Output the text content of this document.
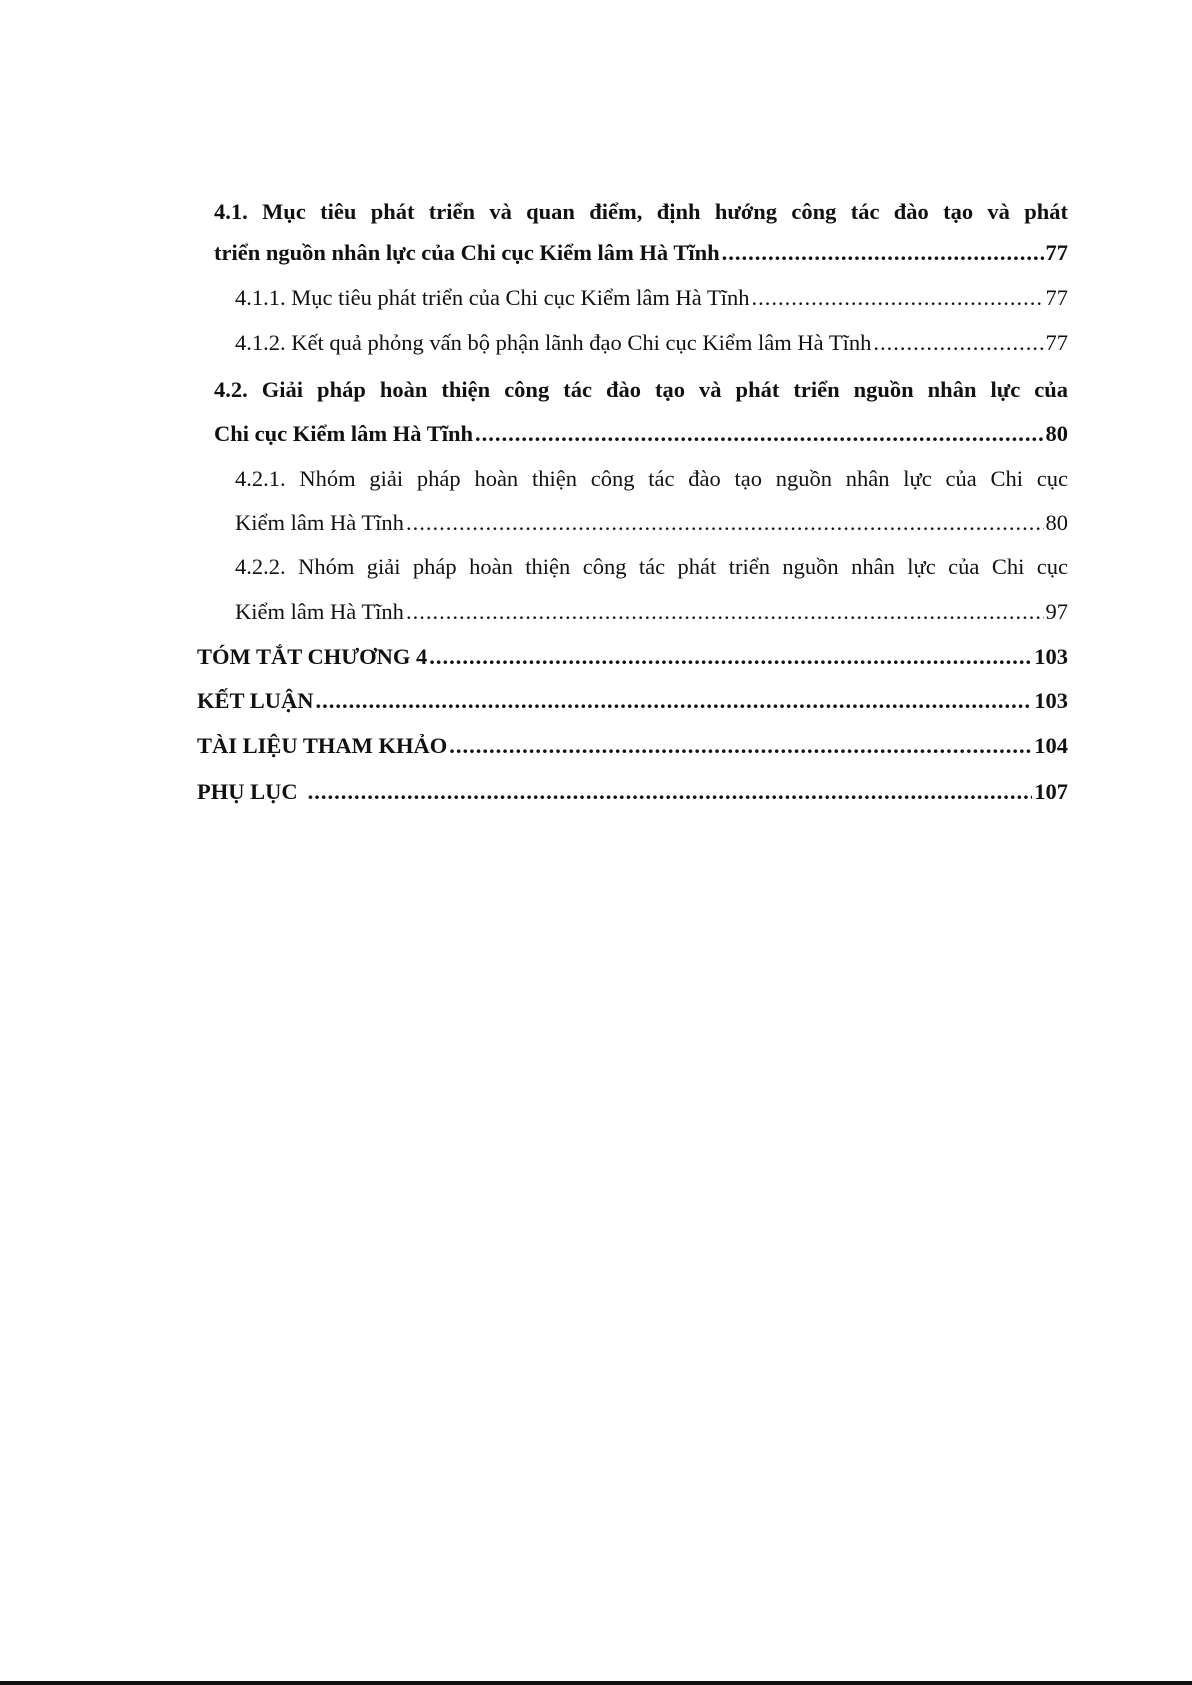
4.1. Mục tiêu phát triển và quan điểm, định hướng công tác đào tạo và phát
triển nguồn nhân lực của Chi cục Kiểm lâm Hà Tĩnh .....	77
4.1.1. Mục tiêu phát triển của Chi cục Kiểm lâm Hà Tĩnh .....	77
4.1.2. Kết quả phỏng vấn bộ phận lãnh đạo Chi cục Kiểm lâm Hà Tĩnh .....	77
4.2. Giải pháp hoàn thiện công tác đào tạo và phát triển nguồn nhân lực của
Chi cục Kiểm lâm Hà Tĩnh .....	80
4.2.1. Nhóm giải pháp hoàn thiện công tác đào tạo nguồn nhân lực của Chi cục
Kiểm lâm Hà Tĩnh .....	80
4.2.2. Nhóm giải pháp hoàn thiện công tác phát triển nguồn nhân lực của Chi cục
Kiểm lâm Hà Tĩnh .....	97
TÓM TẮT CHƯƠNG 4 .....	103
KẾT LUẬN .....	103
TÀI LIỆU THAM KHẢO .....	104
PHỤ LỤC .....	107
